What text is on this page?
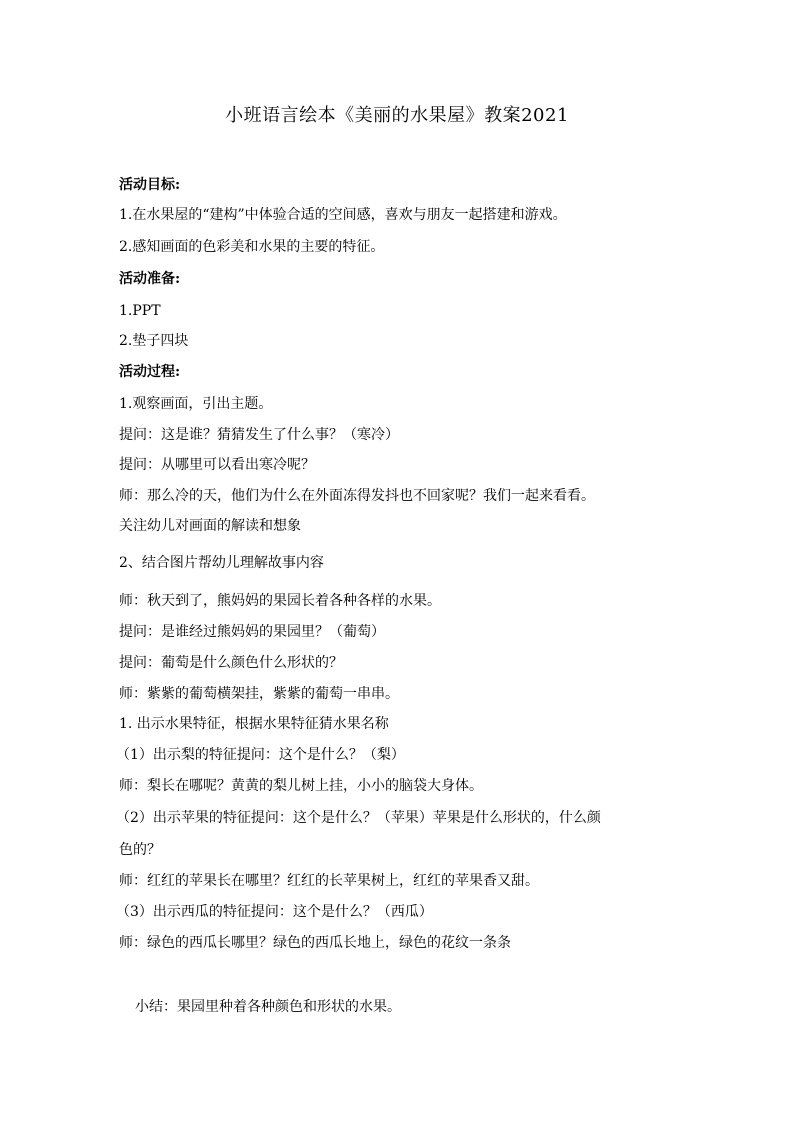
小班语言绘本《美丽的水果屋》教案2021
活动目标:
1.在水果屋的“建构”中体验合适的空间感，喜欢与朋友一起搭建和游戏。
2.感知画面的色彩美和水果的主要的特征。
活动准备:
1.PPT
2.垫子四块
活动过程:
1.观察画面，引出主题。
提问：这是谁？猜猜发生了什么事？（寒冷）
提问：从哪里可以看出寒冷呢？
师：那么冷的天，他们为什么在外面冻得发抖也不回家呢？我们一起来看看。
关注幼儿对画面的解读和想象
2、结合图片帮幼儿理解故事内容
师：秋天到了，熊妈妈的果园长着各种各样的水果。
提问：是谁经过熊妈妈的果园里？（葡萄）
提问：葡萄是什么颜色什么形状的？
师：紫紫的葡萄横架挂，紫紫的葡萄一串串。
1. 出示水果特征，根据水果特征猜水果名称
（1）出示梨的特征提问：这个是什么？（梨）
师：梨长在哪呢？黄黄的梨儿树上挂，小小的脑袋大身体。
（2）出示苹果的特征提问：这个是什么？（苹果）苹果是什么形状的，什么颜
色的？
师：红红的苹果长在哪里？红红的长苹果树上，红红的苹果香又甜。
（3）出示西瓜的特征提问：这个是什么？（西瓜）
师：绿色的西瓜长哪里？绿色的西瓜长地上，绿色的花纹一条条
小结：果园里种着各种颜色和形状的水果。
